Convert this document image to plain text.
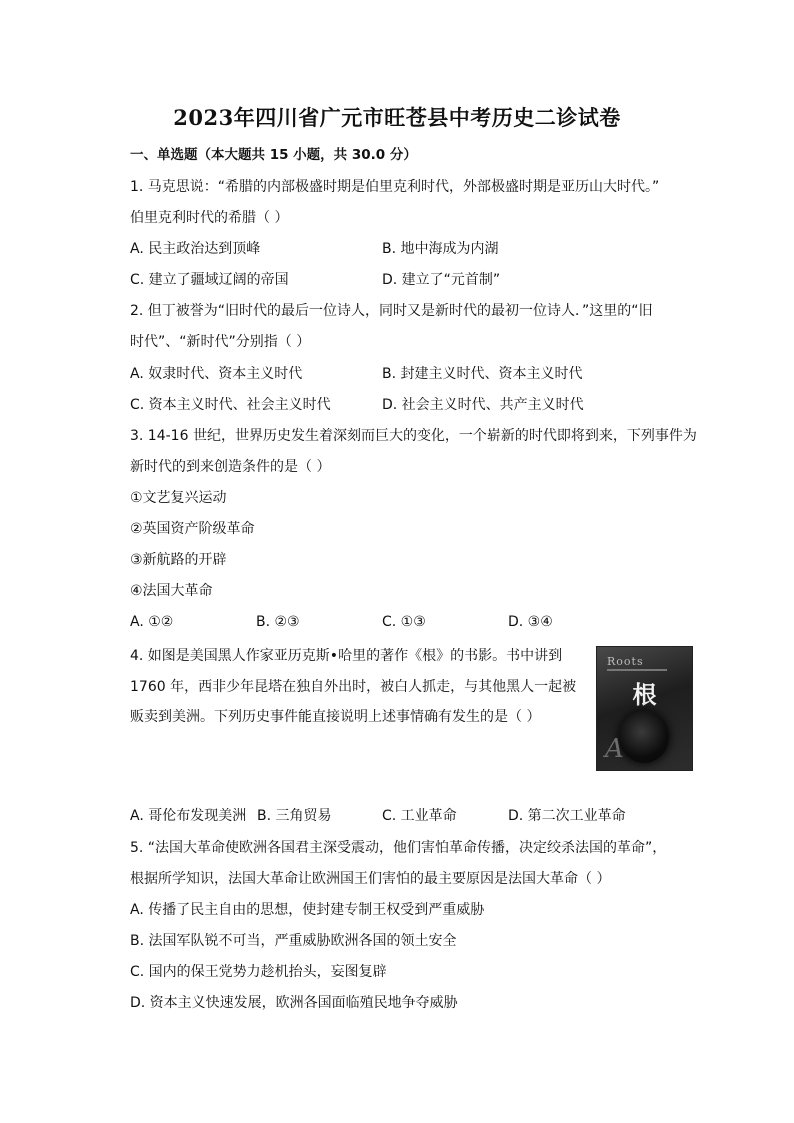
2023年四川省广元市旺苍县中考历史二诊试卷
一、单选题（本大题共 15 小题，共 30.0 分）
1. 马克思说：“希腊的内部极盛时期是伯里克利时代，外部极盛时期是亚历山大时代。”
伯里克利时代的希腊（ ）
A. 民主政治达到顶峰	B. 地中海成为内湖
C. 建立了疆域辽阔的帝国	D. 建立了“元首制”
2. 但丁被誉为“旧时代的最后一位诗人，同时又是新时代的最初一位诗人．”这里的“旧
时代”、“新时代”分别指（ ）
A. 奴隶时代、资本主义时代	B. 封建主义时代、资本主义时代
C. 资本主义时代、社会主义时代	D. 社会主义时代、共产主义时代
3. 14-16 世纪，世界历史发生着深刻而巨大的变化，一个崭新的时代即将到来，下列事件为
新时代的到来创造条件的是（ ）
①文艺复兴运动
②英国资产阶级革命
③新航路的开辟
④法国大革命
A. ①②	B. ②③	C. ①③	D. ③④
4. 如图是美国黑人作家亚历克斯•哈里的著作《根》的书影。书中讲到
1760 年，西非少年昆塔在独自外出时，被白人抓走，与其他黑人一起被
贩卖到美洲。下列历史事件能直接说明上述事情确有发生的是（ ）
Roots
根
A
A. 哥伦布发现美洲 B. 三角贸易	C. 工业革命	D. 第二次工业革命
5. “法国大革命使欧洲各国君主深受震动，他们害怕革命传播，决定绞杀法国的革命”，
根据所学知识，法国大革命让欧洲国王们害怕的最主要原因是法国大革命（ ）
A. 传播了民主自由的思想，使封建专制王权受到严重威胁
B. 法国军队锐不可当，严重威胁欧洲各国的领土安全
C. 国内的保王党势力趁机抬头，妄图复辟
D. 资本主义快速发展，欧洲各国面临殖民地争夺威胁
